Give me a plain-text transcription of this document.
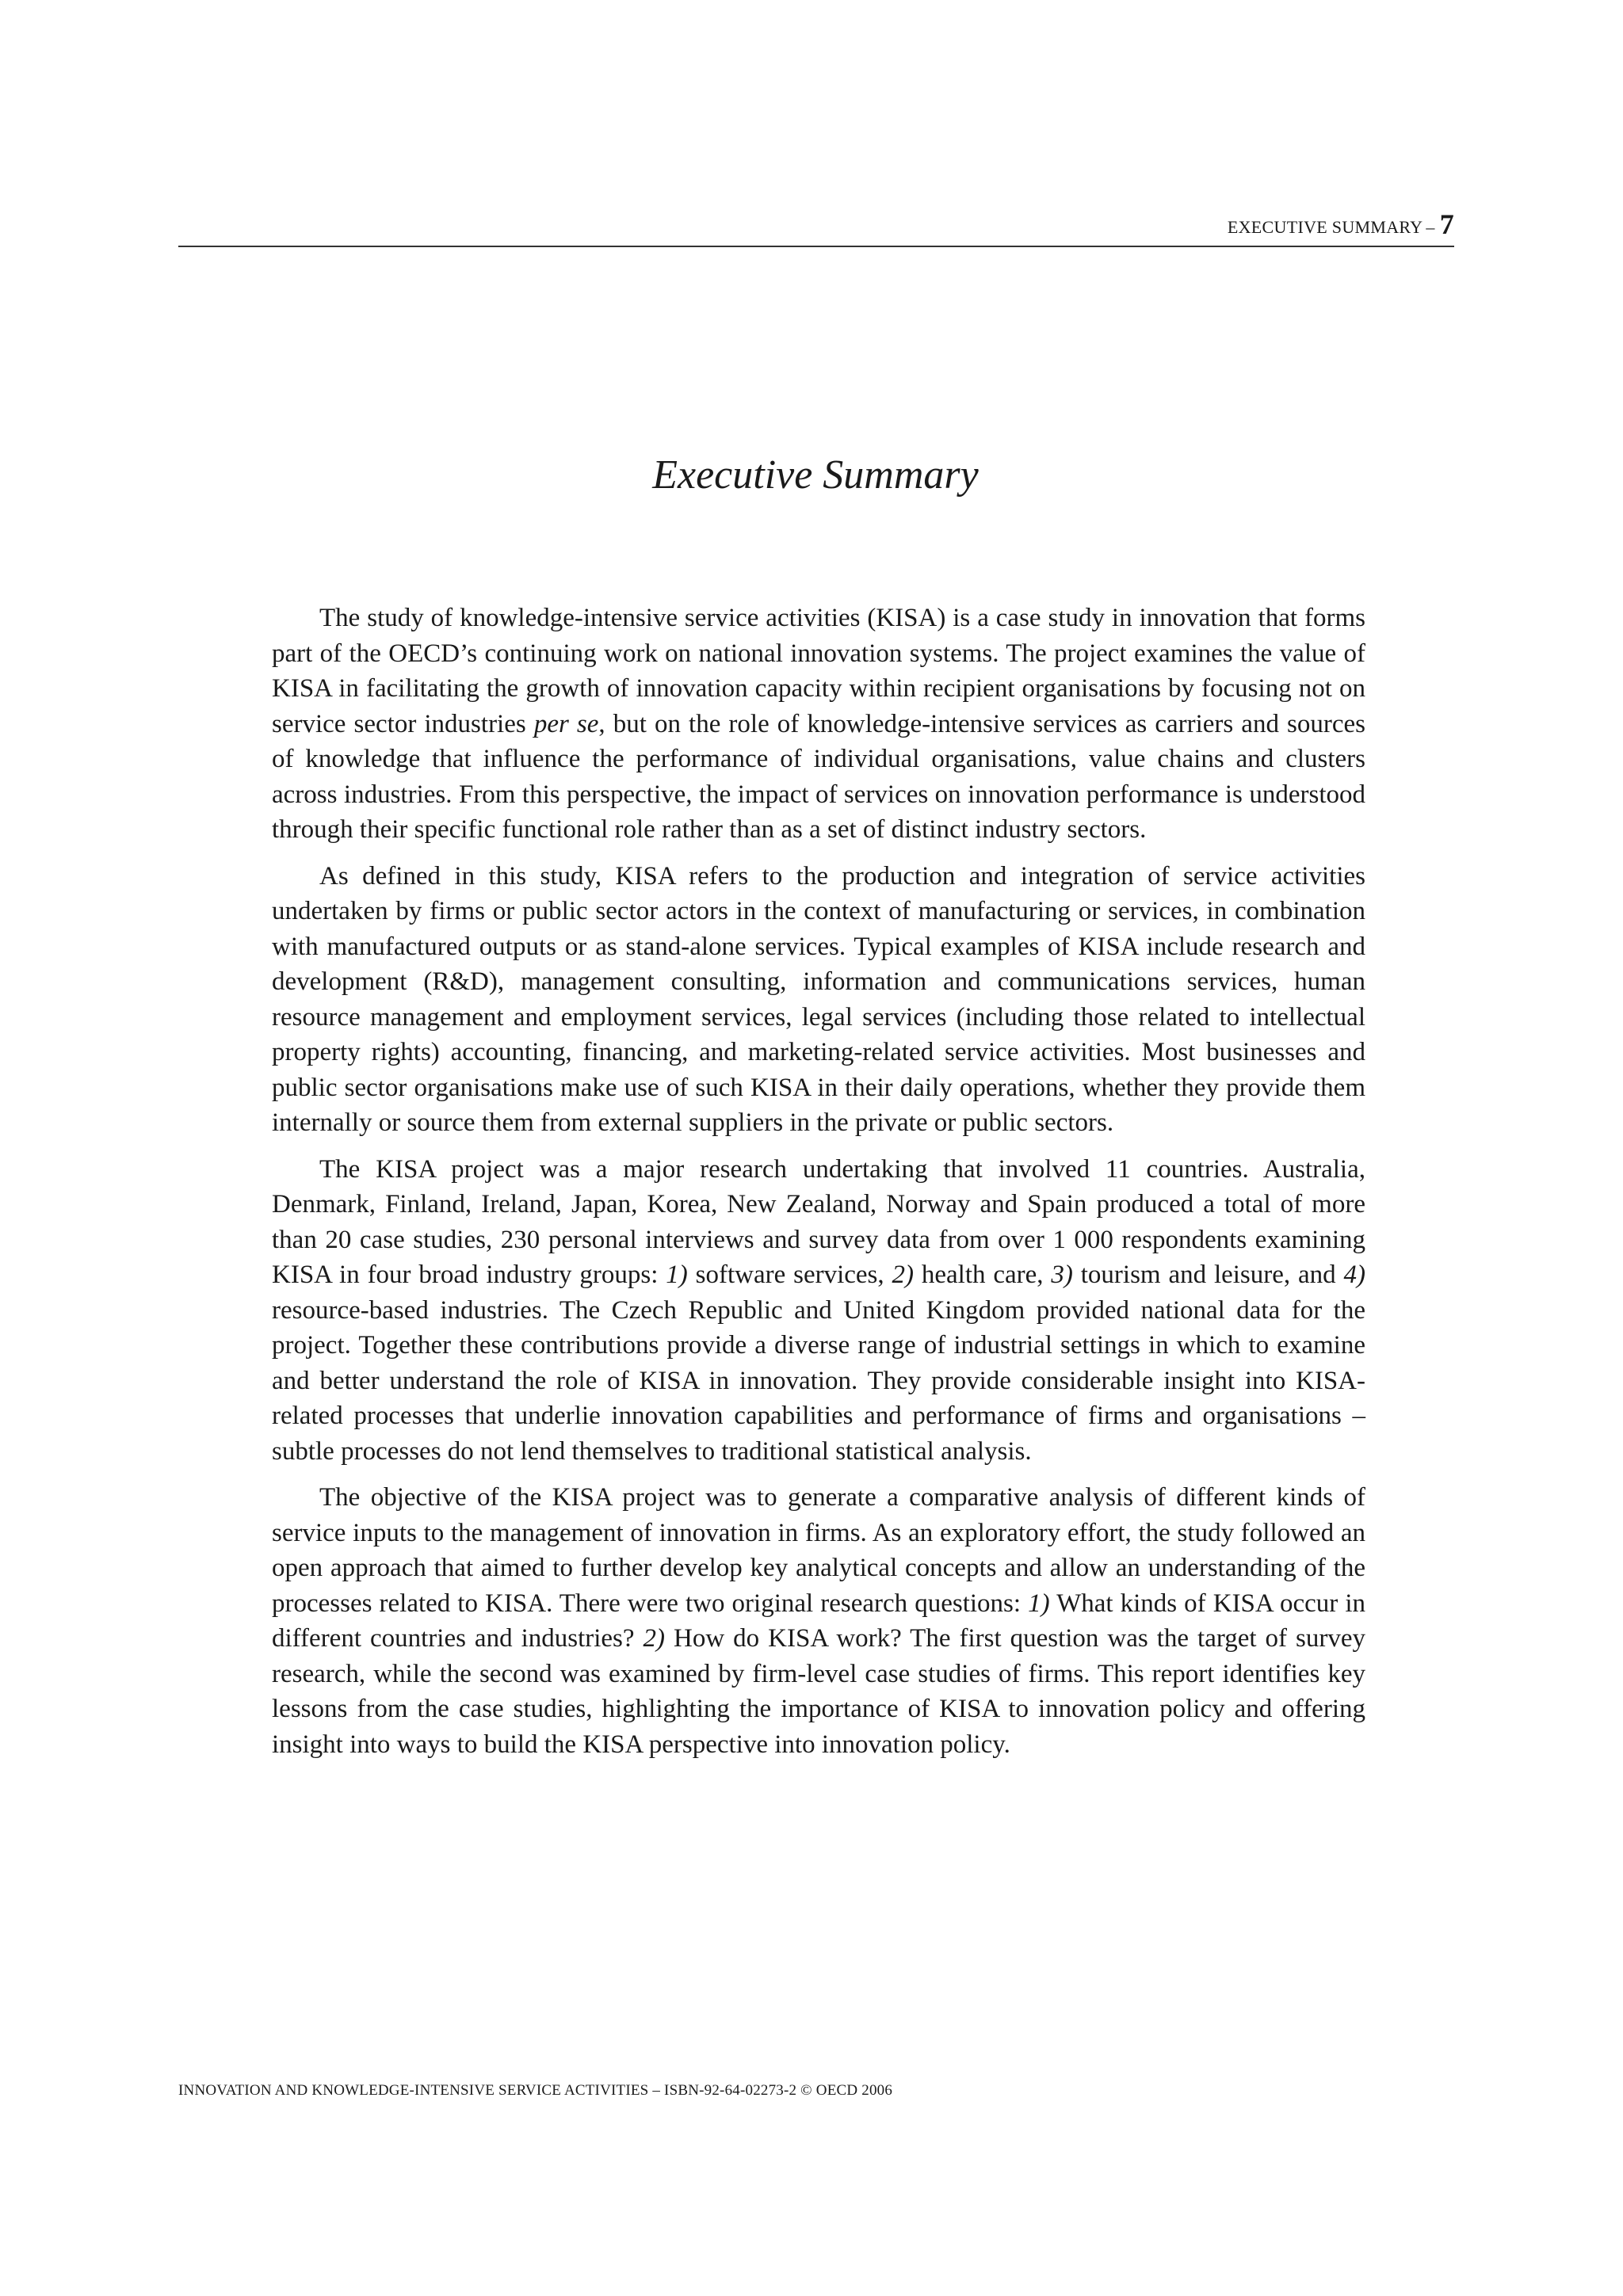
EXECUTIVE SUMMARY – 7
Executive Summary

The study of knowledge-intensive service activities (KISA) is a case study in innovation that forms part of the OECD’s continuing work on national innovation systems. The project examines the value of KISA in facilitating the growth of innovation capacity within recipient organisations by focusing not on service sector industries per se, but on the role of knowledge-intensive services as carriers and sources of knowledge that influence the performance of individual organisations, value chains and clusters across industries. From this perspective, the impact of services on innovation performance is understood through their specific functional role rather than as a set of distinct industry sectors.

As defined in this study, KISA refers to the production and integration of service activities undertaken by firms or public sector actors in the context of manufacturing or services, in combination with manufactured outputs or as stand-alone services. Typical examples of KISA include research and development (R&D), management consulting, information and communications services, human resource management and employment services, legal services (including those related to intellectual property rights) accounting, financing, and marketing-related service activities. Most businesses and public sector organisations make use of such KISA in their daily operations, whether they provide them internally or source them from external suppliers in the private or public sectors.

The KISA project was a major research undertaking that involved 11 countries. Australia, Denmark, Finland, Ireland, Japan, Korea, New Zealand, Norway and Spain produced a total of more than 20 case studies, 230 personal interviews and survey data from over 1 000 respondents examining KISA in four broad industry groups: 1) software services, 2) health care, 3) tourism and leisure, and 4) resource-based industries. The Czech Republic and United Kingdom provided national data for the project. Together these contributions provide a diverse range of industrial settings in which to examine and better understand the role of KISA in innovation. They provide considerable insight into KISA-related processes that underlie innovation capabilities and performance of firms and organisations – subtle processes do not lend themselves to traditional statistical analysis.

The objective of the KISA project was to generate a comparative analysis of different kinds of service inputs to the management of innovation in firms. As an exploratory effort, the study followed an open approach that aimed to further develop key analytical concepts and allow an understanding of the processes related to KISA. There were two original research questions: 1) What kinds of KISA occur in different countries and industries? 2) How do KISA work? The first question was the target of survey research, while the second was examined by firm-level case studies of firms. This report identifies key lessons from the case studies, highlighting the importance of KISA to innovation policy and offering insight into ways to build the KISA perspective into innovation policy.

INNOVATION AND KNOWLEDGE-INTENSIVE SERVICE ACTIVITIES – ISBN-92-64-02273-2 © OECD 2006
